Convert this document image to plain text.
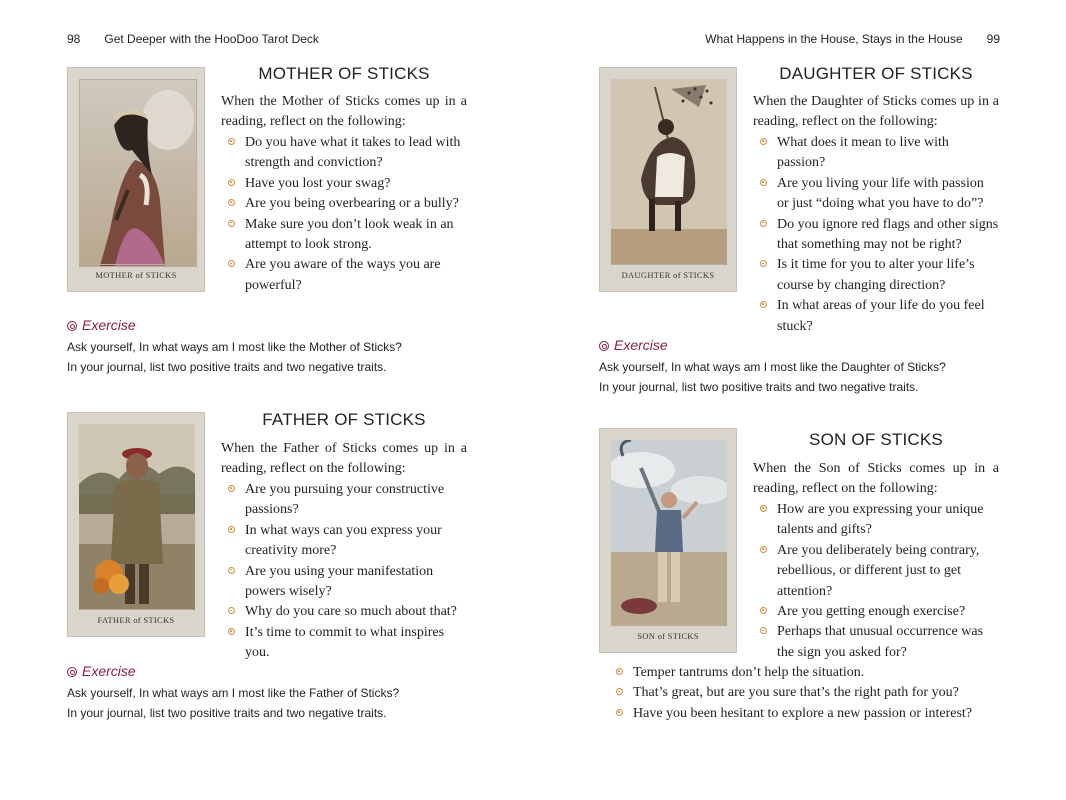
98 Get Deeper with the HooDoo Tarot Deck	What Happens in the House, Stays in the House 99
MOTHER of STICKS
MOTHER OF STICKS
When the Mother of Sticks comes up in a reading, reflect on the following:
Do you have what it takes to lead with strength and conviction?
Have you lost your swag?
Are you being overbearing or a bully?
Make sure you don’t look weak in an attempt to look strong.
Are you aware of the ways you are powerful?
Exercise
Ask yourself, In what ways am I most like the Mother of Sticks?
In your journal, list two positive traits and two negative traits.
FATHER of STICKS
FATHER OF STICKS
When the Father of Sticks comes up in a reading, reflect on the following:
Are you pursuing your constructive passions?
In what ways can you express your creativity more?
Are you using your manifestation powers wisely?
Why do you care so much about that?
It’s time to commit to what inspires you.
Exercise
Ask yourself, In what ways am I most like the Father of Sticks?
In your journal, list two positive traits and two negative traits.
DAUGHTER of STICKS
DAUGHTER OF STICKS
When the Daughter of Sticks comes up in a reading, reflect on the following:
What does it mean to live with passion?
Are you living your life with passion or just “doing what you have to do”?
Do you ignore red flags and other signs that something may not be right?
Is it time for you to alter your life’s course by changing direction?
In what areas of your life do you feel stuck?
Exercise
Ask yourself, In what ways am I most like the Daughter of Sticks?
In your journal, list two positive traits and two negative traits.
SON of STICKS
SON OF STICKS
When the Son of Sticks comes up in a reading, reflect on the following:
How are you expressing your unique talents and gifts?
Are you deliberately being contrary, rebellious, or different just to get attention?
Are you getting enough exercise?
Perhaps that unusual occurrence was the sign you asked for?
Temper tantrums don’t help the situation.
That’s great, but are you sure that’s the right path for you?
Have you been hesitant to explore a new passion or interest?
